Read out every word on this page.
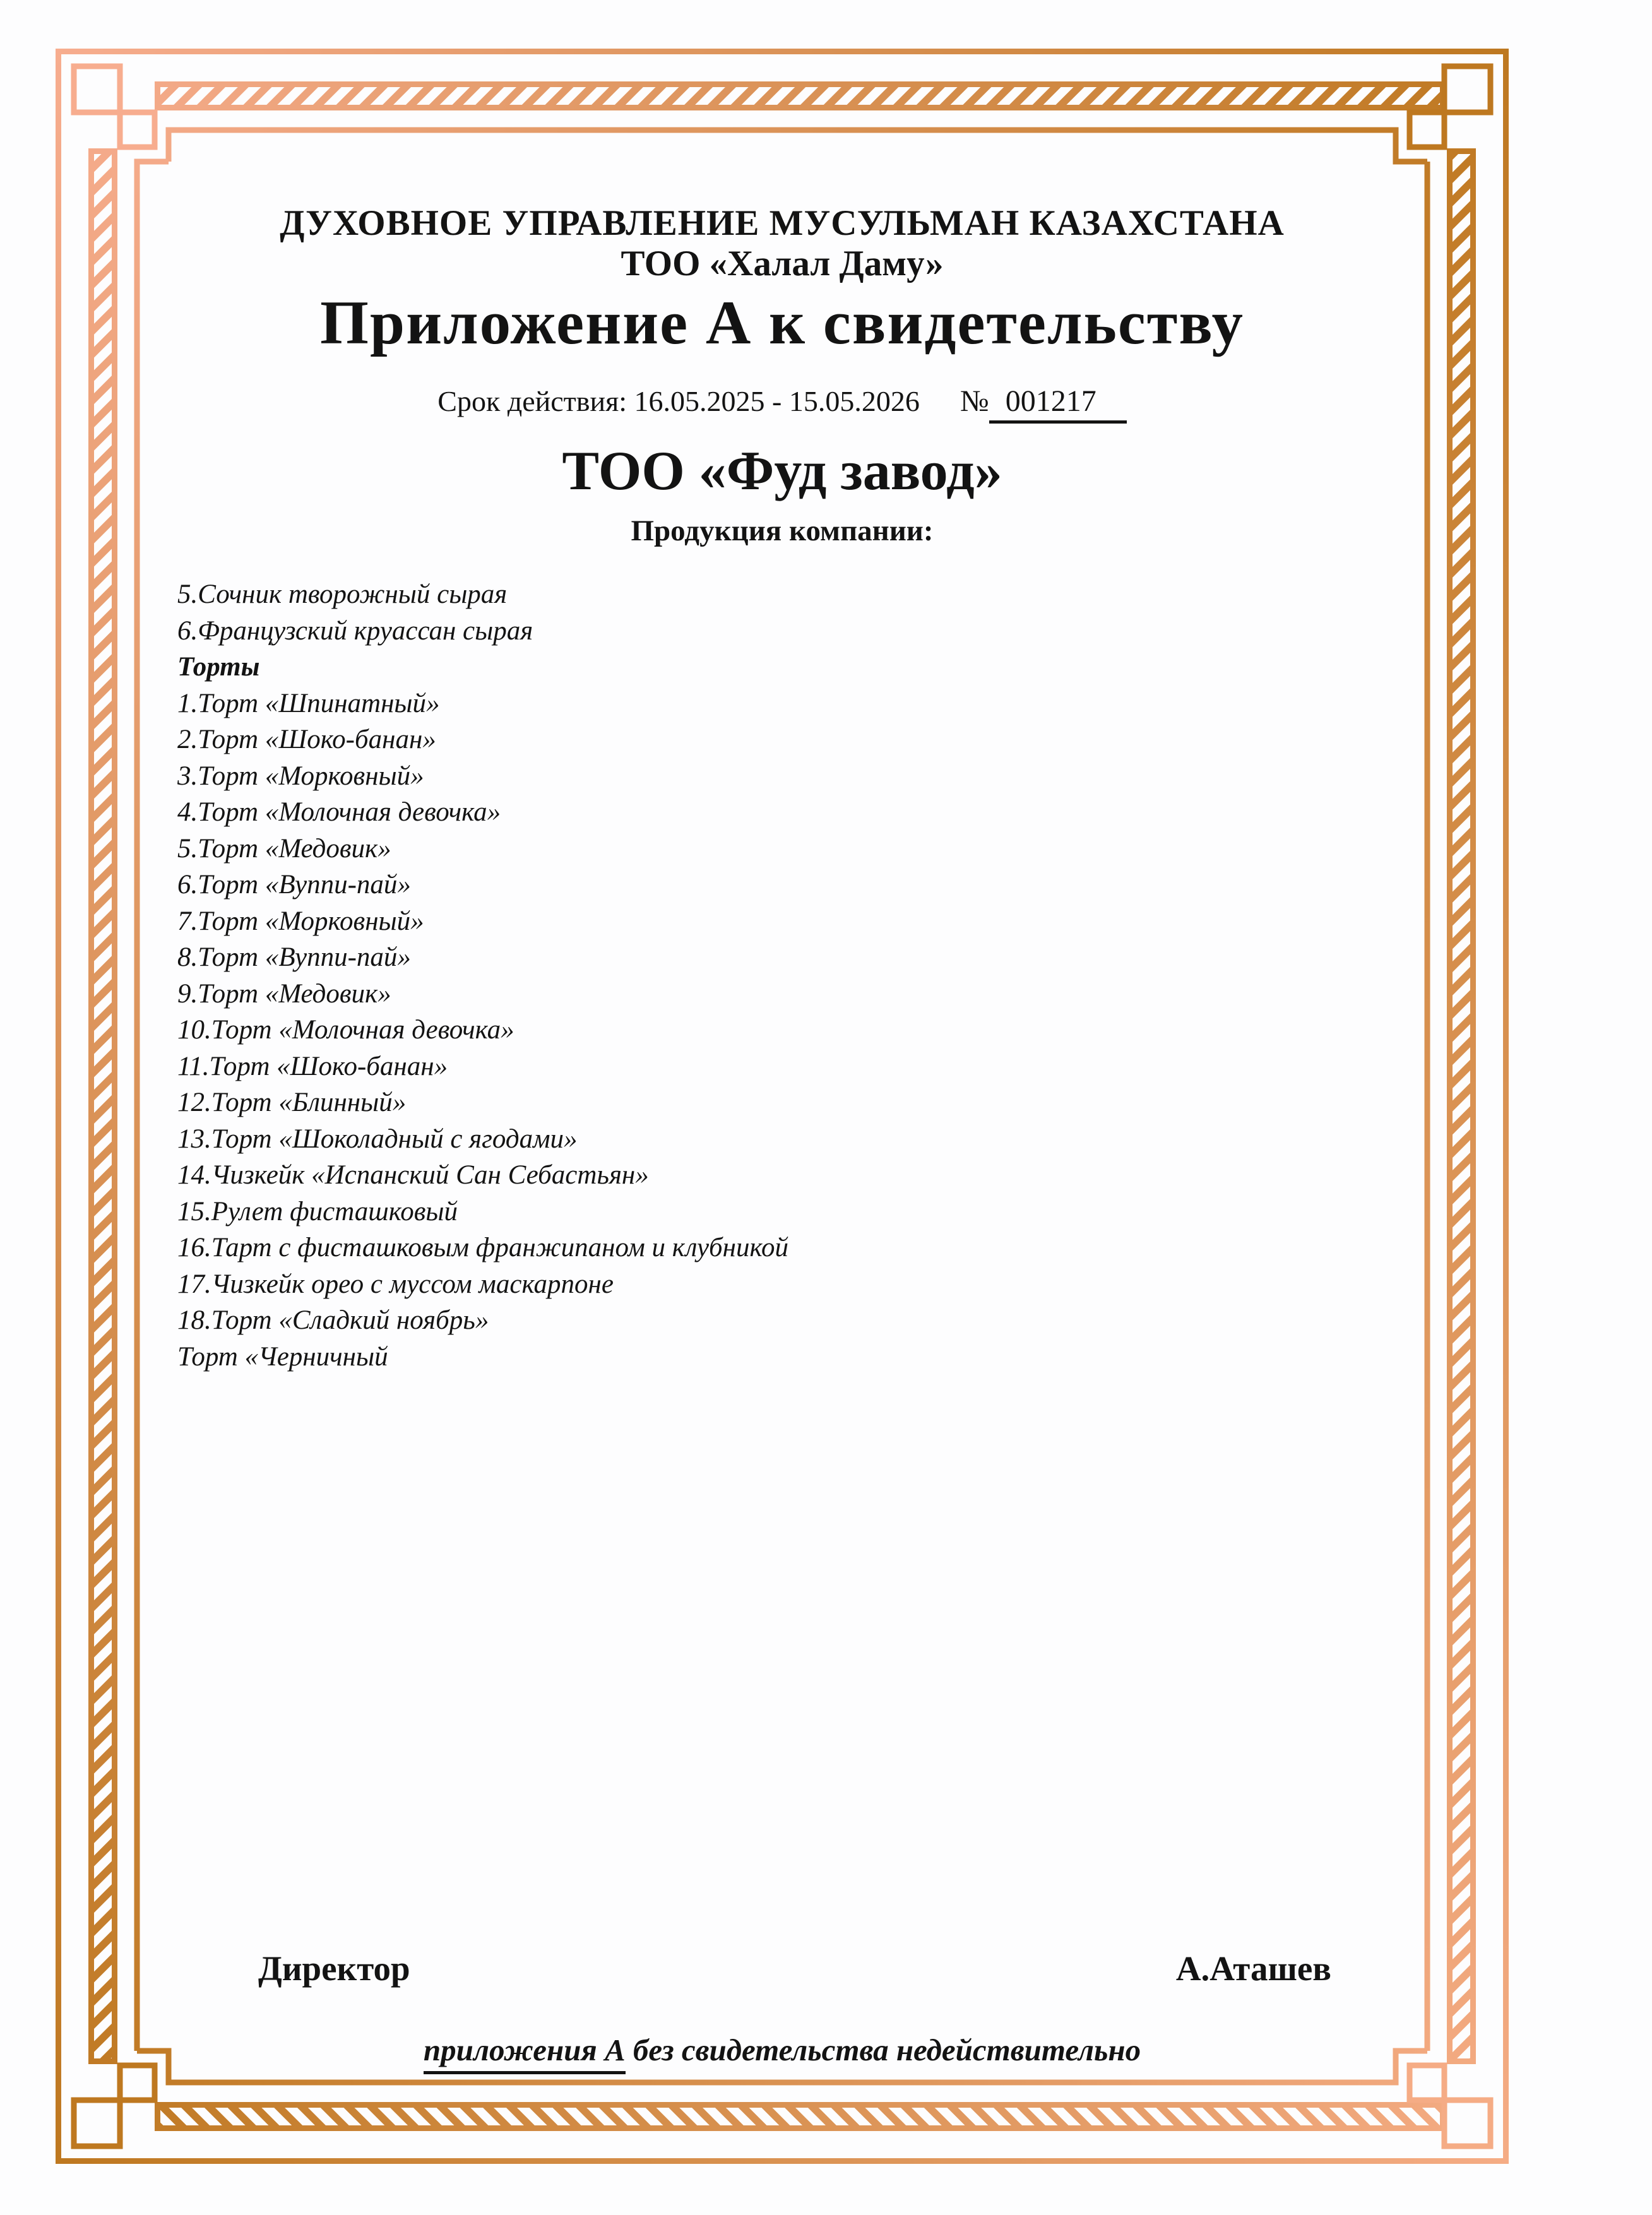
ДУХОВНОЕ УПРАВЛЕНИЕ МУСУЛЬМАН КАЗАХСТАНА
ТОО «Халал Даму»
Приложение А к свидетельству
Срок действия: 16.05.2025 - 15.05.2026 № 001217
ТОО «Фуд завод»
Продукция компании:
5.Сочник творожный сырая
6.Французский круассан сырая
Торты
1.Торт «Шпинатный»
2.Торт «Шоко-банан»
3.Торт «Морковный»
4.Торт «Молочная девочка»
5.Торт «Медовик»
6.Торт «Вуппи-пай»
7.Торт «Морковный»
8.Торт «Вуппи-пай»
9.Торт «Медовик»
10.Торт «Молочная девочка»
11.Торт «Шоко-банан»
12.Торт «Блинный»
13.Торт «Шоколадный с ягодами»
14.Чизкейк «Испанский Сан Себастьян»
15.Рулет фисташковый
16.Тарт с фисташковым франжипаном и клубникой
17.Чизкейк орео с муссом маскарпоне
18.Торт «Сладкий ноябрь»
Торт «Черничный
Директор	А.Аташев
приложения А без свидетельства недействительно
